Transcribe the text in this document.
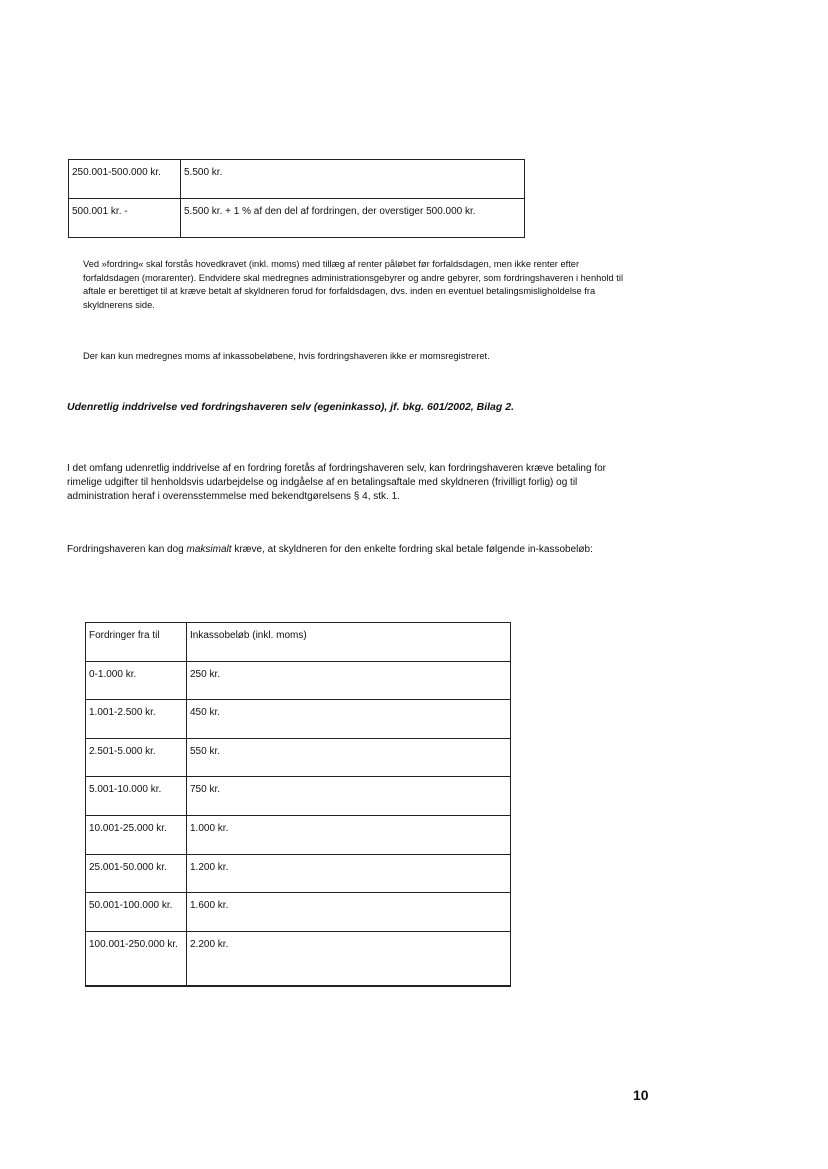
250.001-500.000 kr.	5.500 kr.
500.001 kr. -	5.500 kr. + 1 % af den del af fordringen, der overstiger 500.000 kr.

Ved »fordring« skal forstås hovedkravet (inkl. moms) med tillæg af renter påløbet før forfaldsdagen, men ikke renter efter forfaldsdagen (morarenter). Endvidere skal medregnes administrationsgebyrer og andre gebyrer, som fordringshaveren i henhold til aftale er berettiget til at kræve betalt af skyldneren forud for forfaldsdagen, dvs. inden en eventuel betalingsmisligholdelse fra skyldnerens side.

Der kan kun medregnes moms af inkassobeløbene, hvis fordringshaveren ikke er momsregistreret.

Udenretlig inddrivelse ved fordringshaveren selv (egeninkasso), jf. bkg. 601/2002, Bilag 2.

I det omfang udenretlig inddrivelse af en fordring foretås af fordringshaveren selv, kan fordringshaveren kræve betaling for rimelige udgifter til henholdsvis udarbejdelse og indgåelse af en betalingsaftale med skyldneren (frivilligt forlig) og til administration heraf i overensstemmelse med bekendtgørelsens § 4, stk. 1.

Fordringshaveren kan dog maksimalt kræve, at skyldneren for den enkelte fordring skal betale følgende in-kassobeløb:

Fordringer fra til	Inkassobeløb (inkl. moms)
0-1.000 kr.	250 kr.
1.001-2.500 kr.	450 kr.
2.501-5.000 kr.	550 kr.
5.001-10.000 kr.	750 kr.
10.001-25.000 kr.	1.000 kr.
25.001-50.000 kr.	1.200 kr.
50.001-100.000 kr.	1.600 kr.
100.001-250.000 kr.	2.200 kr.
10
